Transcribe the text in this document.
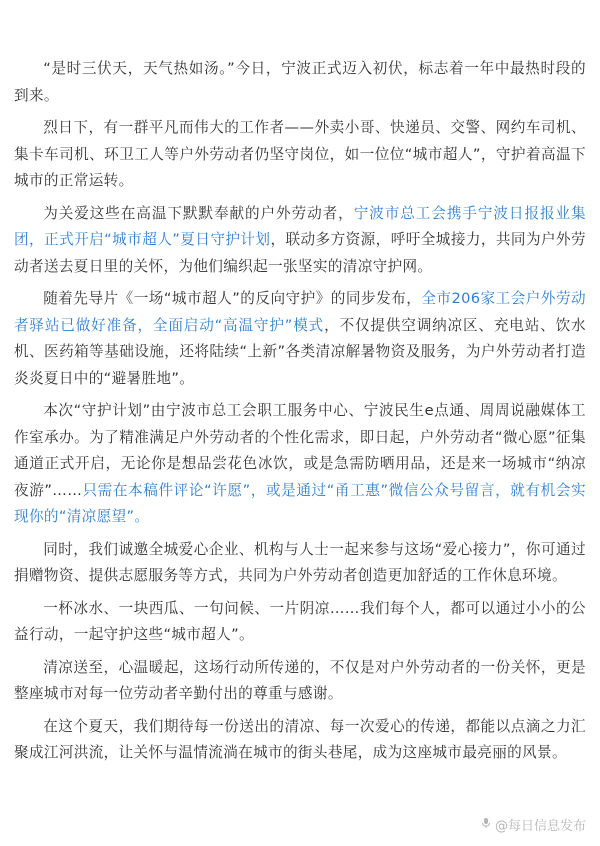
“是时三伏天，天气热如汤。”今日，宁波正式迈入初伏，标志着一年中最热时段的到来。

烈日下，有一群平凡而伟大的工作者——外卖小哥、快递员、交警、网约车司机、集卡车司机、环卫工人等户外劳动者仍坚守岗位，如一位位“城市超人”，守护着高温下城市的正常运转。

为关爱这些在高温下默默奉献的户外劳动者，宁波市总工会携手宁波日报报业集团，正式开启“城市超人”夏日守护计划，联动多方资源，呼吁全城接力，共同为户外劳动者送去夏日里的关怀，为他们编织起一张坚实的清凉守护网。

随着先导片《一场“城市超人”的反向守护》的同步发布，全市206家工会户外劳动者驿站已做好准备，全面启动“高温守护”模式，不仅提供空调纳凉区、充电站、饮水机、医药箱等基础设施，还将陆续“上新”各类清凉解暑物资及服务，为户外劳动者打造炎炎夏日中的“避暑胜地”。

本次“守护计划”由宁波市总工会职工服务中心、宁波民生e点通、周周说融媒体工作室承办。为了精准满足户外劳动者的个性化需求，即日起，户外劳动者“微心愿”征集通道正式开启，无论你是想品尝花色冰饮，或是急需防晒用品，还是来一场城市“纳凉夜游”……只需在本稿件评论“许愿”，或是通过“甬工惠”微信公众号留言，就有机会实现你的“清凉愿望”。

同时，我们诚邀全城爱心企业、机构与人士一起来参与这场“爱心接力”，你可通过捐赠物资、提供志愿服务等方式，共同为户外劳动者创造更加舒适的工作休息环境。

一杯冰水、一块西瓜、一句问候、一片阴凉……我们每个人，都可以通过小小的公益行动，一起守护这些“城市超人”。

清凉送至，心温暖起，这场行动所传递的，不仅是对户外劳动者的一份关怀，更是整座城市对每一位劳动者辛勤付出的尊重与感谢。

在这个夏天，我们期待每一份送出的清凉、每一次爱心的传递，都能以点滴之力汇聚成江河洪流，让关怀与温情流淌在城市的街头巷尾，成为这座城市最亮丽的风景。

@每日信息发布
